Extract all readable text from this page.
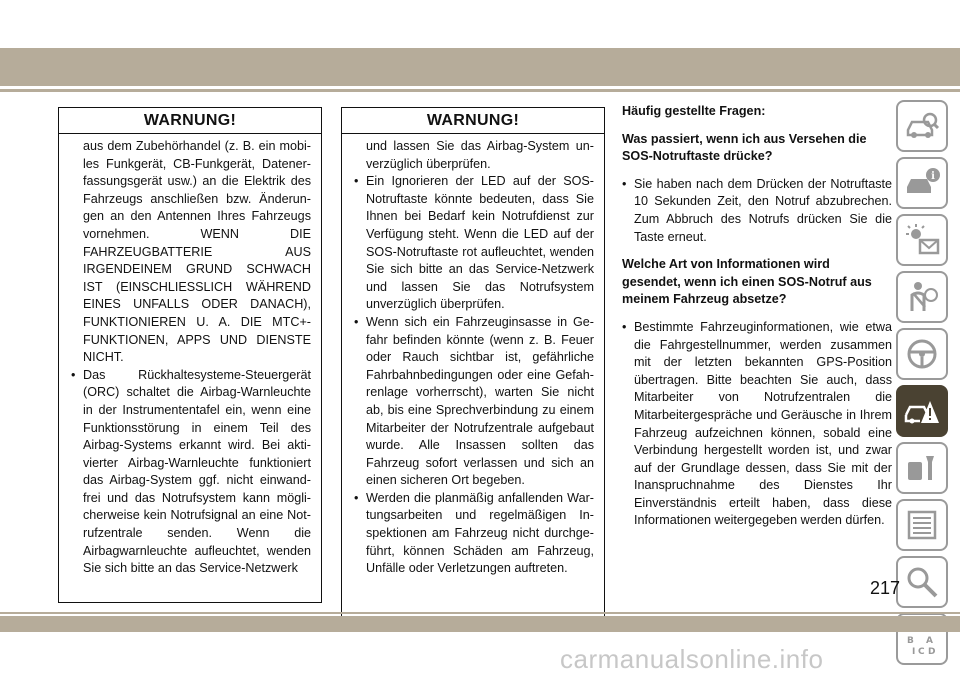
WARNUNG!

aus dem Zubehörhandel (z. B. ein mobiles Funkgerät, CB-Funkgerät, Datenerfassungsgerät usw.) an die Elektrik des Fahrzeugs anschließen bzw. Änderungen an den Antennen Ihres Fahrzeugs vornehmen. WENN DIE FAHRZEUGBATTERIE AUS IRGENDEINEM GRUND SCHWACH IST (EINSCHLIESSLICH WÄHREND EINES UNFALLS ODER DANACH), FUNKTIONIEREN U. A. DIE MTC+-FUNKTIONEN, APPS UND DIENSTE NICHT.

• Das Rückhaltesysteme-Steuergerät (ORC) schaltet die Airbag-Warnleuchte in der Instrumententafel ein, wenn eine Funktionsstörung in einem Teil des Airbag-Systems erkannt wird. Bei aktivierter Airbag-Warnleuchte funktioniert das Airbag-System ggf. nicht einwandfrei und das Notrufsystem kann möglicherweise kein Notrufsignal an eine Notrufzentrale senden. Wenn die Airbagwarnleuchte aufleuchtet, wenden Sie sich bitte an das Service-Netzwerk

WARNUNG!

und lassen Sie das Airbag-System unverzüglich überprüfen.

• Ein Ignorieren der LED auf der SOS-Notruftaste könnte bedeuten, dass Sie Ihnen bei Bedarf kein Notrufdienst zur Verfügung steht. Wenn die LED auf der SOS-Notruftaste rot aufleuchtet, wenden Sie sich bitte an das Service-Netzwerk und lassen Sie das Notrufsystem unverzüglich überprüfen.

• Wenn sich ein Fahrzeuginsasse in Gefahr befinden könnte (wenn z. B. Feuer oder Rauch sichtbar ist, gefährliche Fahrbahnbedingungen oder eine Gefahrenlage vorherrscht), warten Sie nicht ab, bis eine Sprechverbindung zu einem Mitarbeiter der Notrufzentrale aufgebaut wurde. Alle Insassen sollten das Fahrzeug sofort verlassen und sich an einen sicheren Ort begeben.

• Werden die planmäßig anfallenden Wartungsarbeiten und regelmäßigen Inspektionen am Fahrzeug nicht durchgeführt, können Schäden am Fahrzeug, Unfälle oder Verletzungen auftreten.

Häufig gestellte Fragen:

Was passiert, wenn ich aus Versehen die SOS-Notruftaste drücke?

• Sie haben nach dem Drücken der Notruftaste 10 Sekunden Zeit, den Notruf abzubrechen. Zum Abbruch des Notrufs drücken Sie die Taste erneut.

Welche Art von Informationen wird gesendet, wenn ich einen SOS-Notruf aus meinem Fahrzeug absetze?

• Bestimmte Fahrzeuginformationen, wie etwa die Fahrgestellnummer, werden zusammen mit der letzten bekannten GPS-Position übertragen. Bitte beachten Sie auch, dass Mitarbeiter von Notrufzentralen die Mitarbeitergespräche und Geräusche in Ihrem Fahrzeug aufzeichnen können, sobald eine Verbindung hergestellt worden ist, und zwar auf der Grundlage dessen, dass Sie mit der Inanspruchnahme des Dienstes Ihr Einverständnis erteilt haben, dass diese Informationen weitergegeben werden dürfen.

i
B A
I C D
217
carmanualsonline.info
